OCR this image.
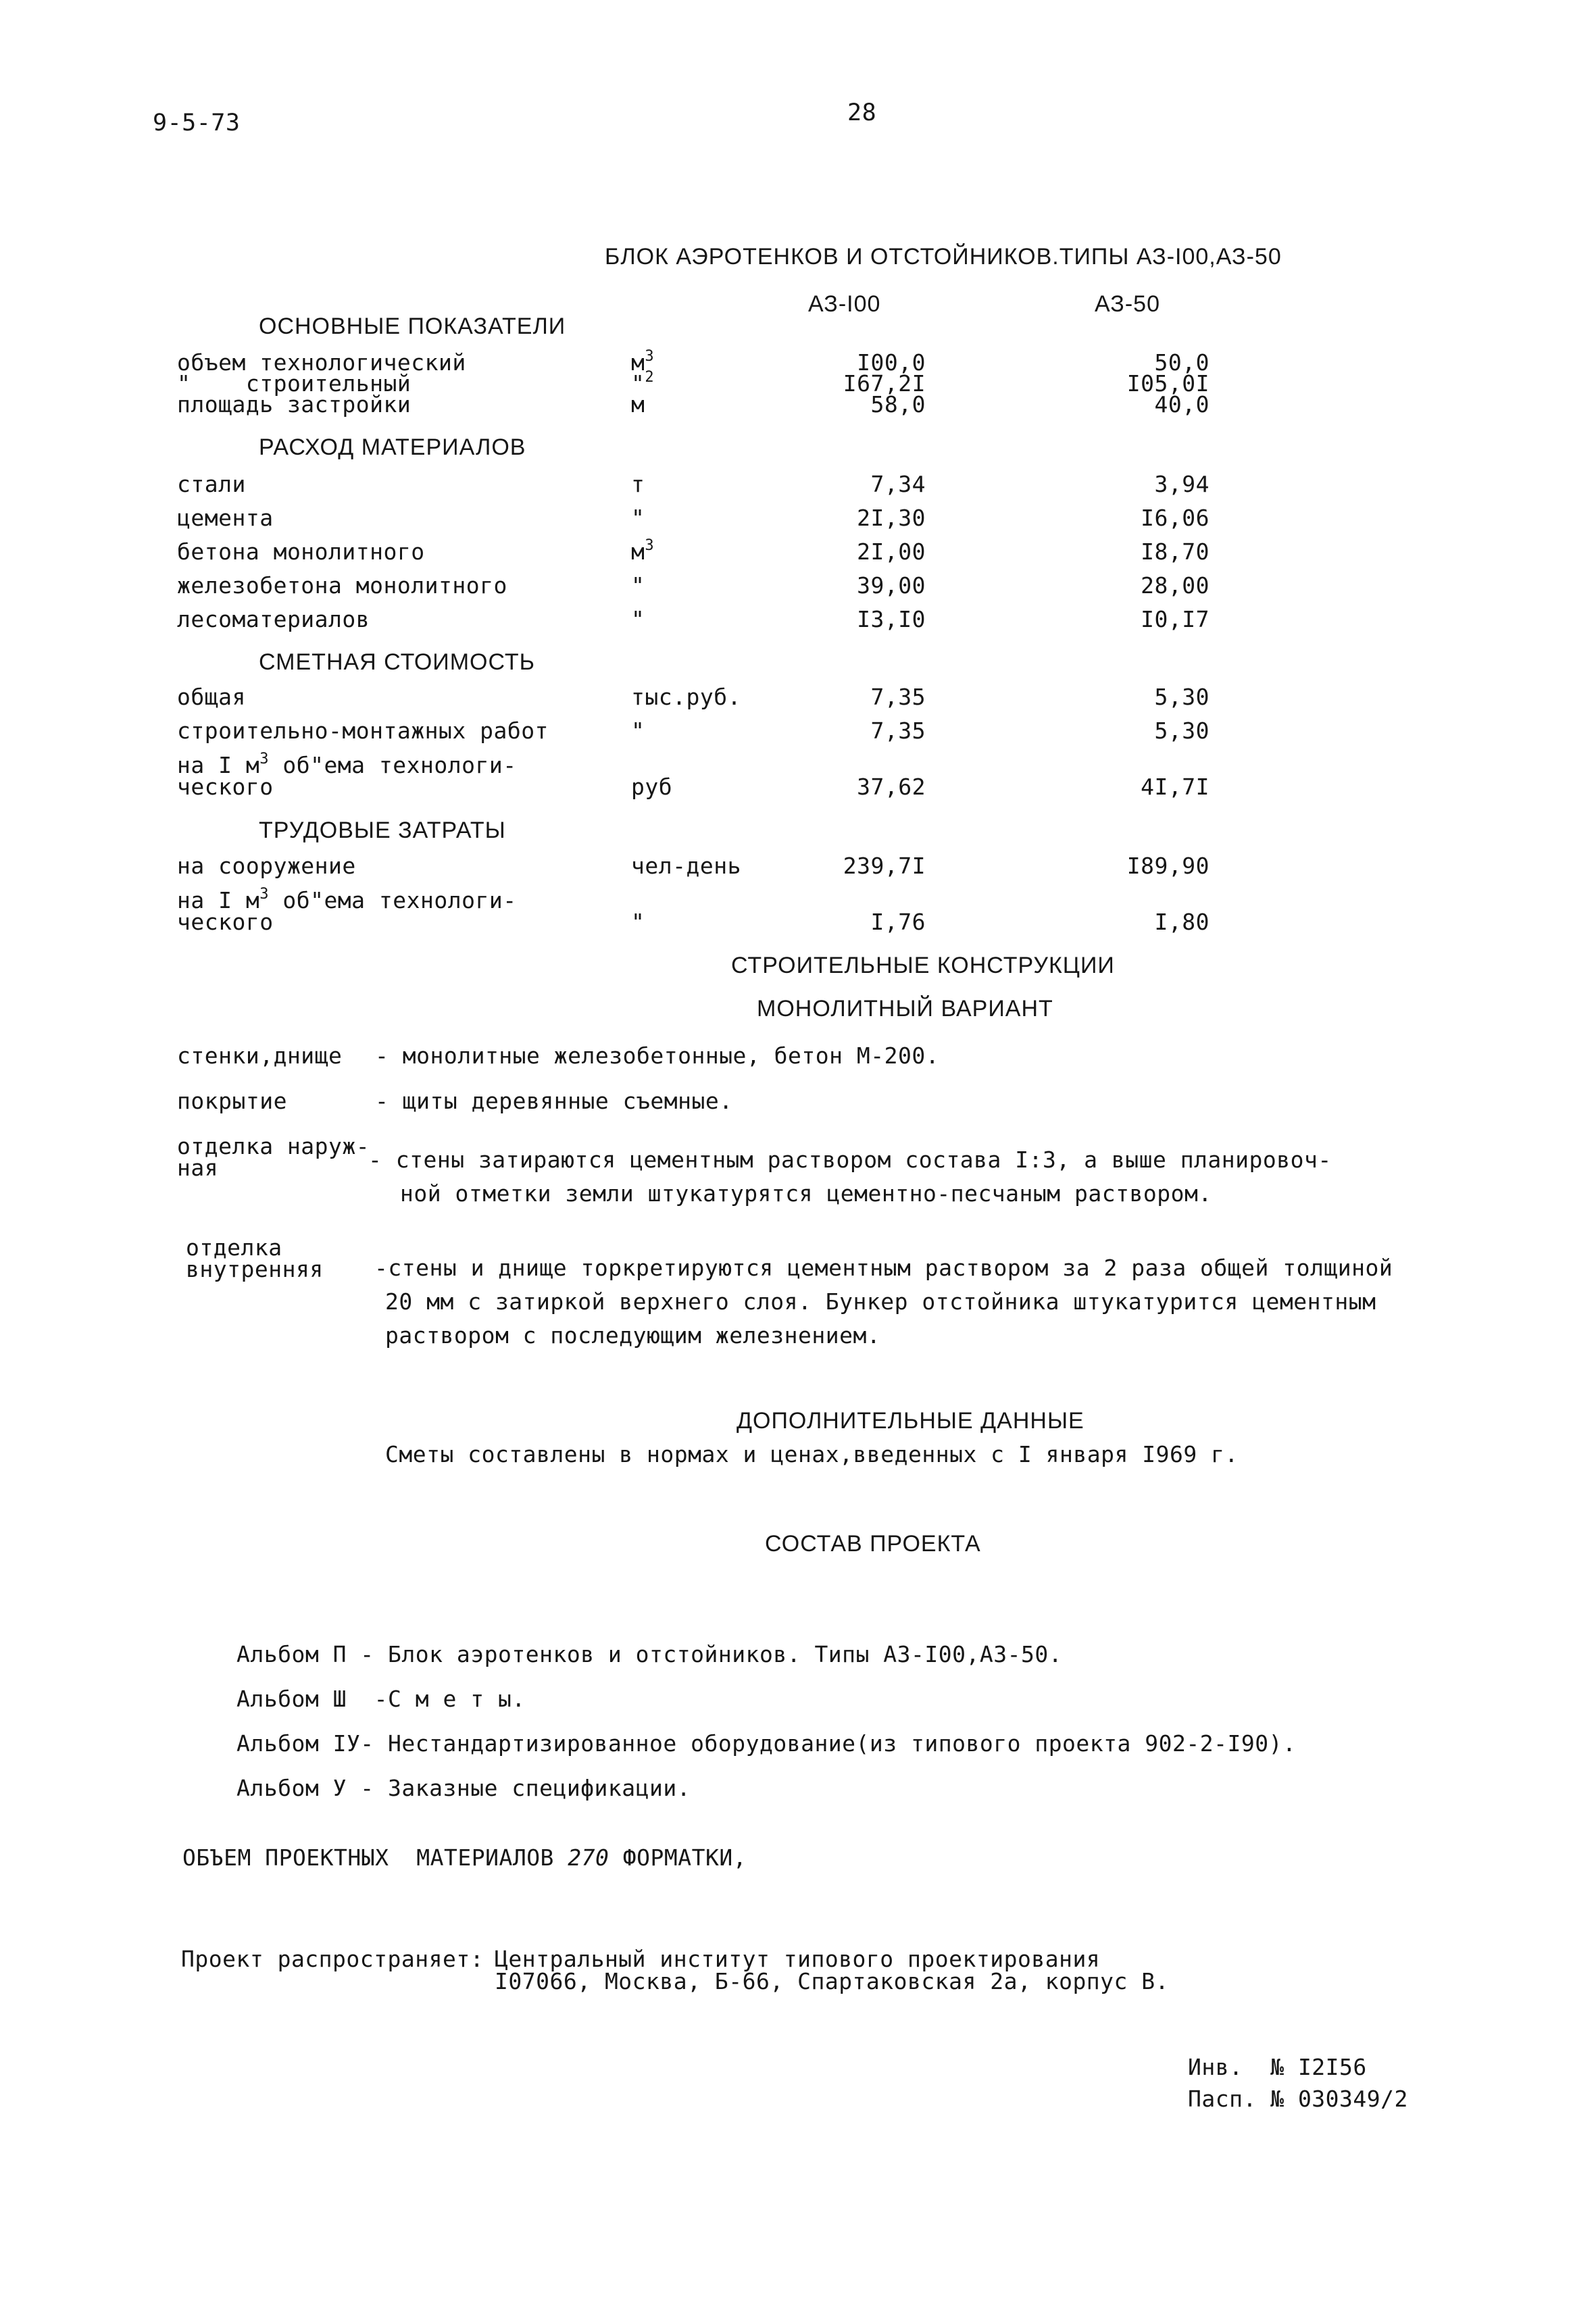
9-5-73	28
БЛОК АЭРОТЕНКОВ И ОТСТОЙНИКОВ.ТИПЫ АЗ-I00,АЗ-50
АЗ-I00	АЗ-50
ОСНОВНЫЕ ПОКАЗАТЕЛИ
объем технологический	$м^3$	I00,0	50,0
"    строительный	"$^2$	I67,2I	I05,0I
площадь застройки	м	58,0	40,0
РАСХОД МАТЕРИАЛОВ
стали	т	7,34	3,94
цемента	"	2I,30	I6,06
бетона монолитного	$м^3$	2I,00	I8,70
железобетона монолитного	"	39,00	28,00
лесоматериалов	"	I3,I0	I0,I7
СМЕТНАЯ СТОИМОСТЬ
общая	тыс.руб.	7,35	5,30
строительно-монтажных работ	"	7,35	5,30
на I $м^3$ об"ема технологи-
ческого	руб	37,62	4I,7I
ТРУДОВЫЕ ЗАТРАТЫ
на сооружение	чел-день	239,7I	I89,90
на I $м^3$ об"ема технологи-
ческого	"	I,76	I,80
СТРОИТЕЛЬНЫЕ КОНСТРУКЦИИ
МОНОЛИТНЫЙ ВАРИАНТ
стенки,днище - монолитные железобетонные, бетон М-200.
покрытие	- щиты деревянные съемные.
отделка наруж-
ная	- стены затираются цементным раствором состава I:3, а выше планировоч-
ной отметки земли штукатурятся цементно-песчаным раствором.
отделка
внутренняя -стены и днище торкретируются цементным раствором за 2 раза общей толщиной
20 мм с затиркой верхнего слоя. Бункер отстойника штукатурится цементным
раствором с последующим железнением.
ДОПОЛНИТЕЛЬНЫЕ ДАННЫЕ
Сметы составлены в нормах и ценах,введенных с I января I969 г.
СОСТАВ ПРОЕКТА
Альбом П - Блок аэротенков и отстойников. Типы АЗ-I00,АЗ-50.
Альбом Ш  -С м е т ы.
Альбом IУ- Нестандартизированное оборудование(из типового проекта 902-2-I90).
Альбом У - Заказные спецификации.
ОБЪЕМ ПРОЕКТНЫХ  МАТЕРИАЛОВ 270 ФОРМАТКИ,
Проект распространяет: Центральный институт типового проектирования
I07066, Москва, Б-66, Спартаковская 2а, корпус В.
Инв.  № I2I56
Пасп. № 030349/2
